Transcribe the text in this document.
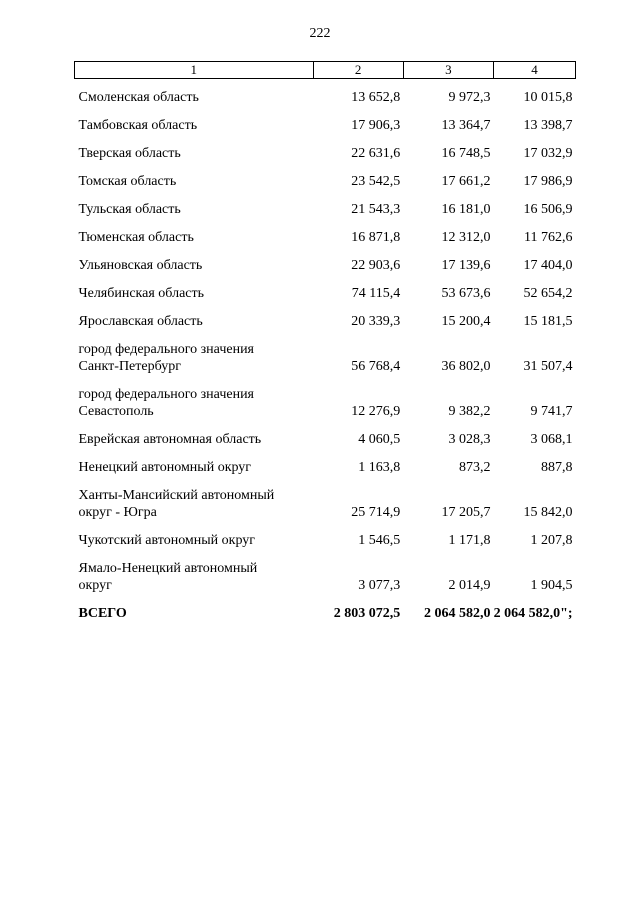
222
1	2	3	4
Смоленская область	13 652,8	9 972,3	10 015,8
Тамбовская область	17 906,3	13 364,7	13 398,7
Тверская область	22 631,6	16 748,5	17 032,9
Томская область	23 542,5	17 661,2	17 986,9
Тульская область	21 543,3	16 181,0	16 506,9
Тюменская область	16 871,8	12 312,0	11 762,6
Ульяновская область	22 903,6	17 139,6	17 404,0
Челябинская область	74 115,4	53 673,6	52 654,2
Ярославская область	20 339,3	15 200,4	15 181,5
город федерального значения
Санкт-Петербург	56 768,4	36 802,0	31 507,4
город федерального значения
Севастополь	12 276,9	9 382,2	9 741,7
Еврейская автономная область	4 060,5	3 028,3	3 068,1
Ненецкий автономный округ	1 163,8	873,2	887,8
Ханты-Мансийский автономный
округ - Югра	25 714,9	17 205,7	15 842,0
Чукотский автономный округ	1 546,5	1 171,8	1 207,8
Ямало-Ненецкий автономный
округ	3 077,3	2 014,9	1 904,5
ВСЕГО	2 803 072,5	2 064 582,0	2 064 582,0";
